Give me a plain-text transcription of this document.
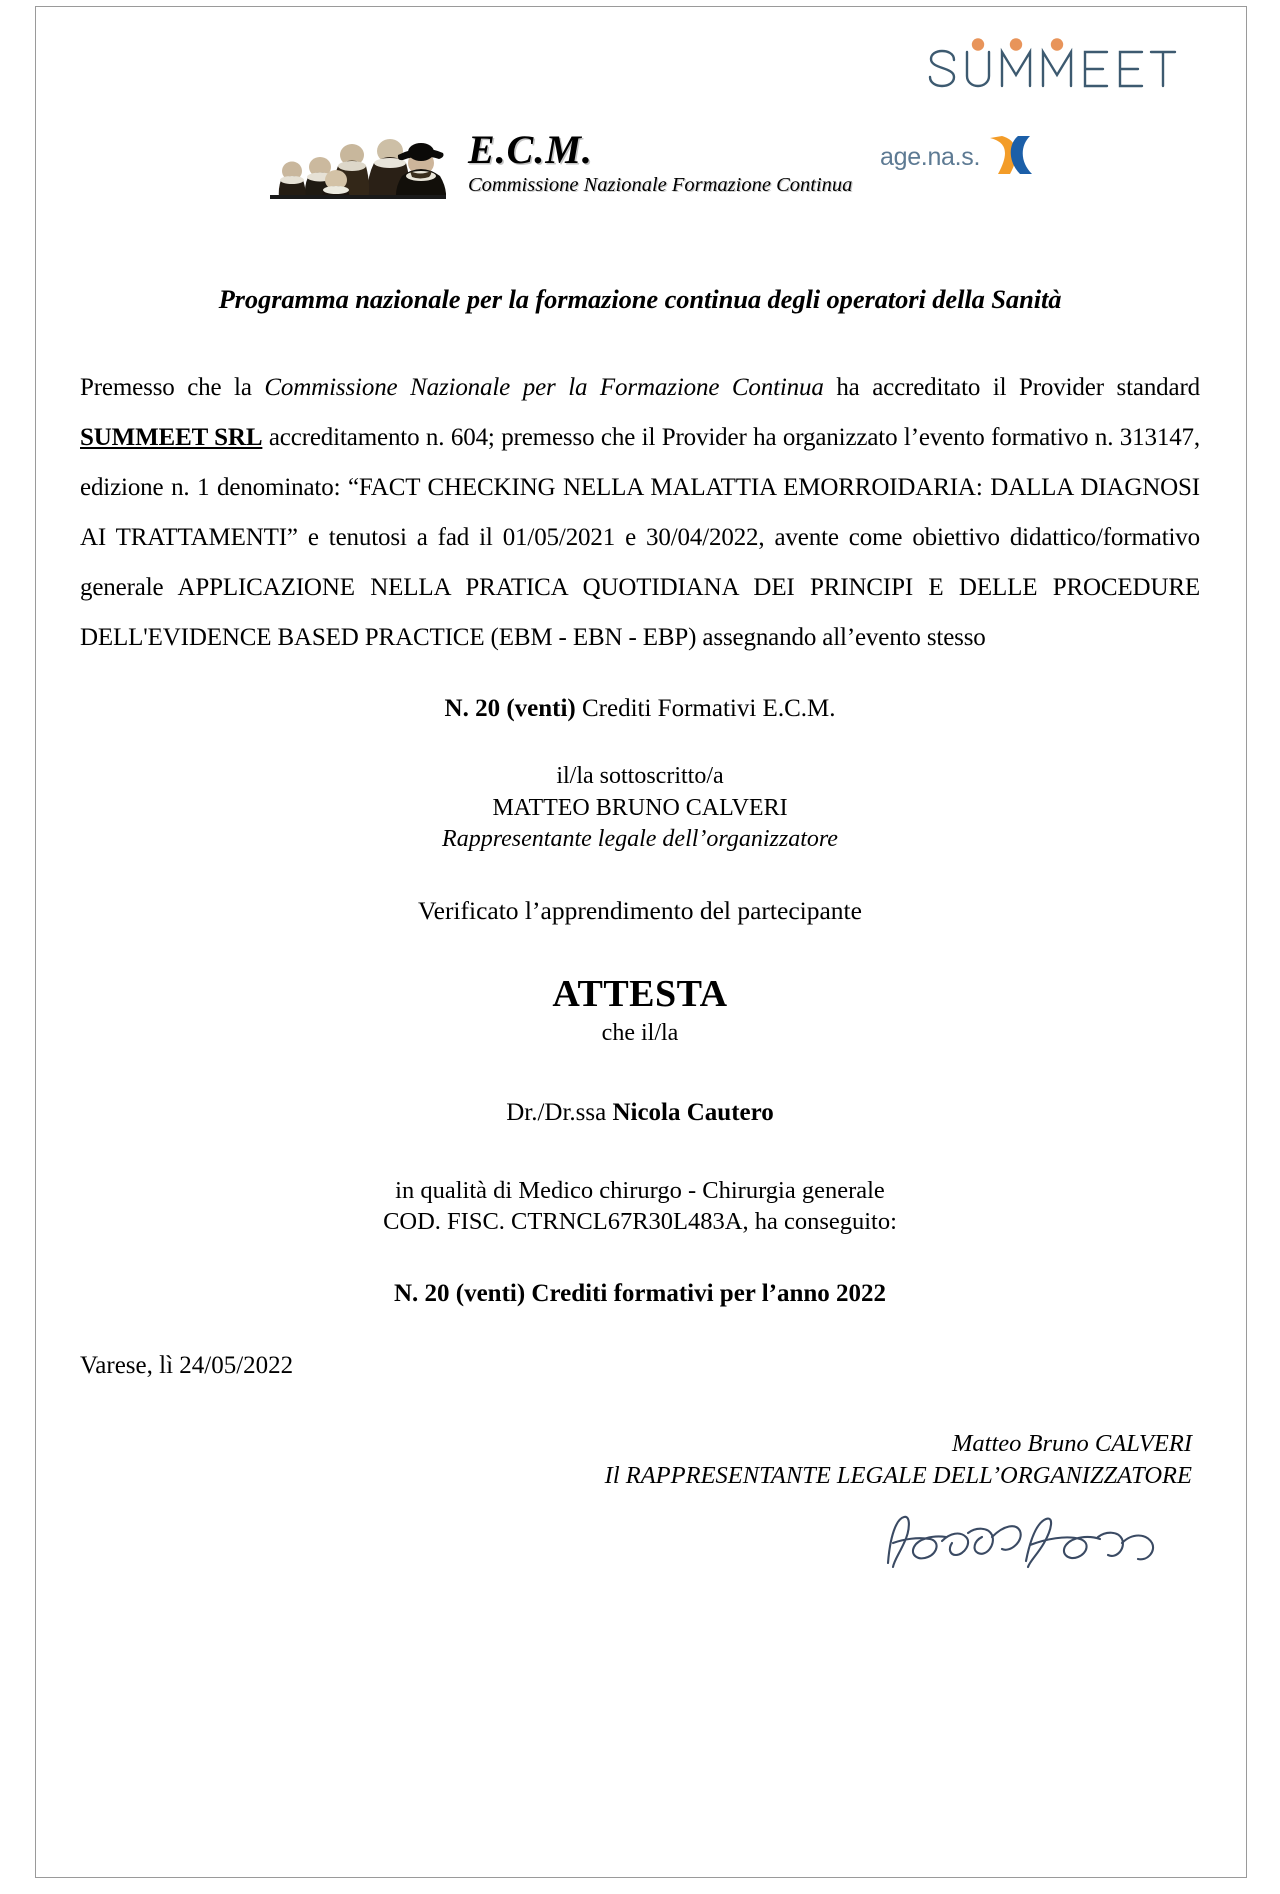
E.C.M.
Commissione Nazionale Formazione Continua
age.na.s.
Programma nazionale per la formazione continua degli operatori della Sanità

Premesso che la Commissione Nazionale per la Formazione Continua ha accreditato il Provider standard SUMMEET SRL accreditamento n. 604; premesso che il Provider ha organizzato l’evento formativo n. 313147, edizione n. 1 denominato: “FACT CHECKING NELLA MALATTIA EMORROIDARIA: DALLA DIAGNOSI AI TRATTAMENTI” e tenutosi a fad il 01/05/2021 e 30/04/2022, avente come obiettivo didattico/formativo generale APPLICAZIONE NELLA PRATICA QUOTIDIANA DEI PRINCIPI E DELLE PROCEDURE DELL'EVIDENCE BASED PRACTICE (EBM - EBN - EBP) assegnando all’evento stesso

N. 20 (venti) Crediti Formativi E.C.M.
il/la sottoscritto/a
MATTEO BRUNO CALVERI
Rappresentante legale dell’organizzatore
Verificato l’apprendimento del partecipante
ATTESTA
che il/la
Dr./Dr.ssa Nicola Cautero
in qualità di Medico chirurgo - Chirurgia generale
COD. FISC. CTRNCL67R30L483A, ha conseguito:
N. 20 (venti) Crediti formativi per l’anno 2022
Varese, lì 24/05/2022
Matteo Bruno CALVERI
Il RAPPRESENTANTE LEGALE DELL’ORGANIZZATORE
